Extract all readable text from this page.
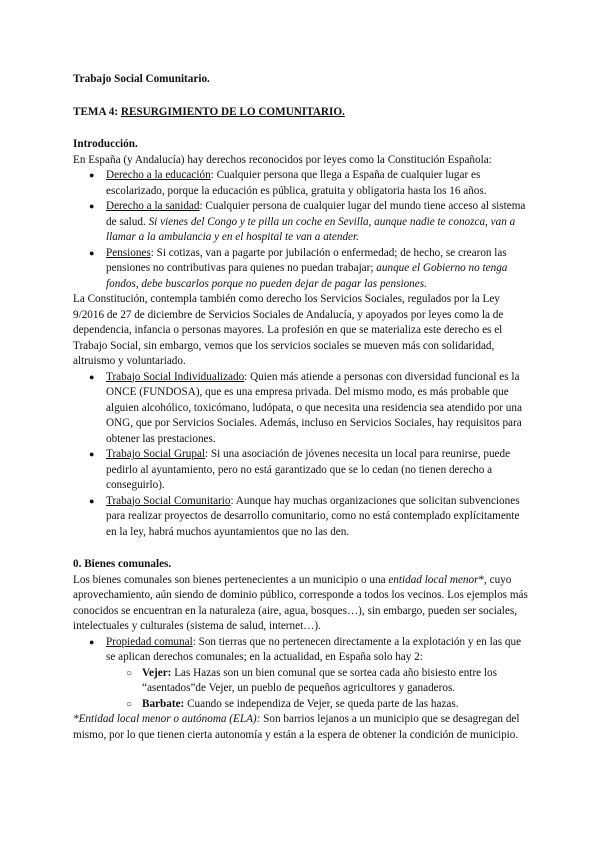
Trabajo Social Comunitario.

TEMA 4: RESURGIMIENTO DE LO COMUNITARIO.

Introducción.

En España (y Andalucía) hay derechos reconocidos por leyes como la Constitución Española:

● Derecho a la educación: Cualquier persona que llega a España de cualquier lugar es escolarizado, porque la educación es pública, gratuita y obligatoria hasta los 16 años.
● Derecho a la sanidad: Cualquier persona de cualquier lugar del mundo tiene acceso al sistema de salud. Si vienes del Congo y te pilla un coche en Sevilla, aunque nadie te conozca, van a llamar a la ambulancia y en el hospital te van a atender.
● Pensiones: Si cotizas, van a pagarte por jubilación o enfermedad; de hecho, se crearon las pensiones no contributivas para quienes no puedan trabajar; aunque el Gobierno no tenga fondos, debe buscarlos porque no pueden dejar de pagar las pensiones.

La Constitución, contempla también como derecho los Servicios Sociales, regulados por la Ley 9/2016 de 27 de diciembre de Servicios Sociales de Andalucía, y apoyados por leyes como la de dependencia, infancia o personas mayores. La profesión en que se materializa este derecho es el Trabajo Social, sin embargo, vemos que los servicios sociales se mueven más con solidaridad, altruismo y voluntariado.

● Trabajo Social Individualizado: Quien más atiende a personas con diversidad funcional es la ONCE (FUNDOSA), que es una empresa privada. Del mismo modo, es más probable que alguien alcohólico, toxicómano, ludópata, o que necesita una residencia sea atendido por una ONG, que por Servicios Sociales. Además, incluso en Servicios Sociales, hay requisitos para obtener las prestaciones.
● Trabajo Social Grupal: Si una asociación de jóvenes necesita un local para reunirse, puede pedirlo al ayuntamiento, pero no está garantizado que se lo cedan (no tienen derecho a conseguirlo).
● Trabajo Social Comunitario: Aunque hay muchas organizaciones que solicitan subvenciones para realizar proyectos de desarrollo comunitario, como no está contemplado explícitamente en la ley, habrá muchos ayuntamientos que no las den.

0. Bienes comunales.

Los bienes comunales son bienes pertenecientes a un municipio o una entidad local menor*, cuyo aprovechamiento, aún siendo de dominio público, corresponde a todos los vecinos. Los ejemplos más conocidos se encuentran en la naturaleza (aire, agua, bosques…), sin embargo, pueden ser sociales, intelectuales y culturales (sistema de salud, internet…).

● Propiedad comunal: Son tierras que no pertenecen directamente a la explotación y en las que se aplican derechos comunales; en la actualidad, en España solo hay 2:
○ Vejer: Las Hazas son un bien comunal que se sortea cada año bisiesto entre los “asentados”de Vejer, un pueblo de pequeños agricultores y ganaderos.
○ Barbate: Cuando se independiza de Vejer, se queda parte de las hazas.

*Entidad local menor o autónoma (ELA): Son barrios lejanos a un municipio que se desagregan del mismo, por lo que tienen cierta autonomía y están a la espera de obtener la condición de municipio.
